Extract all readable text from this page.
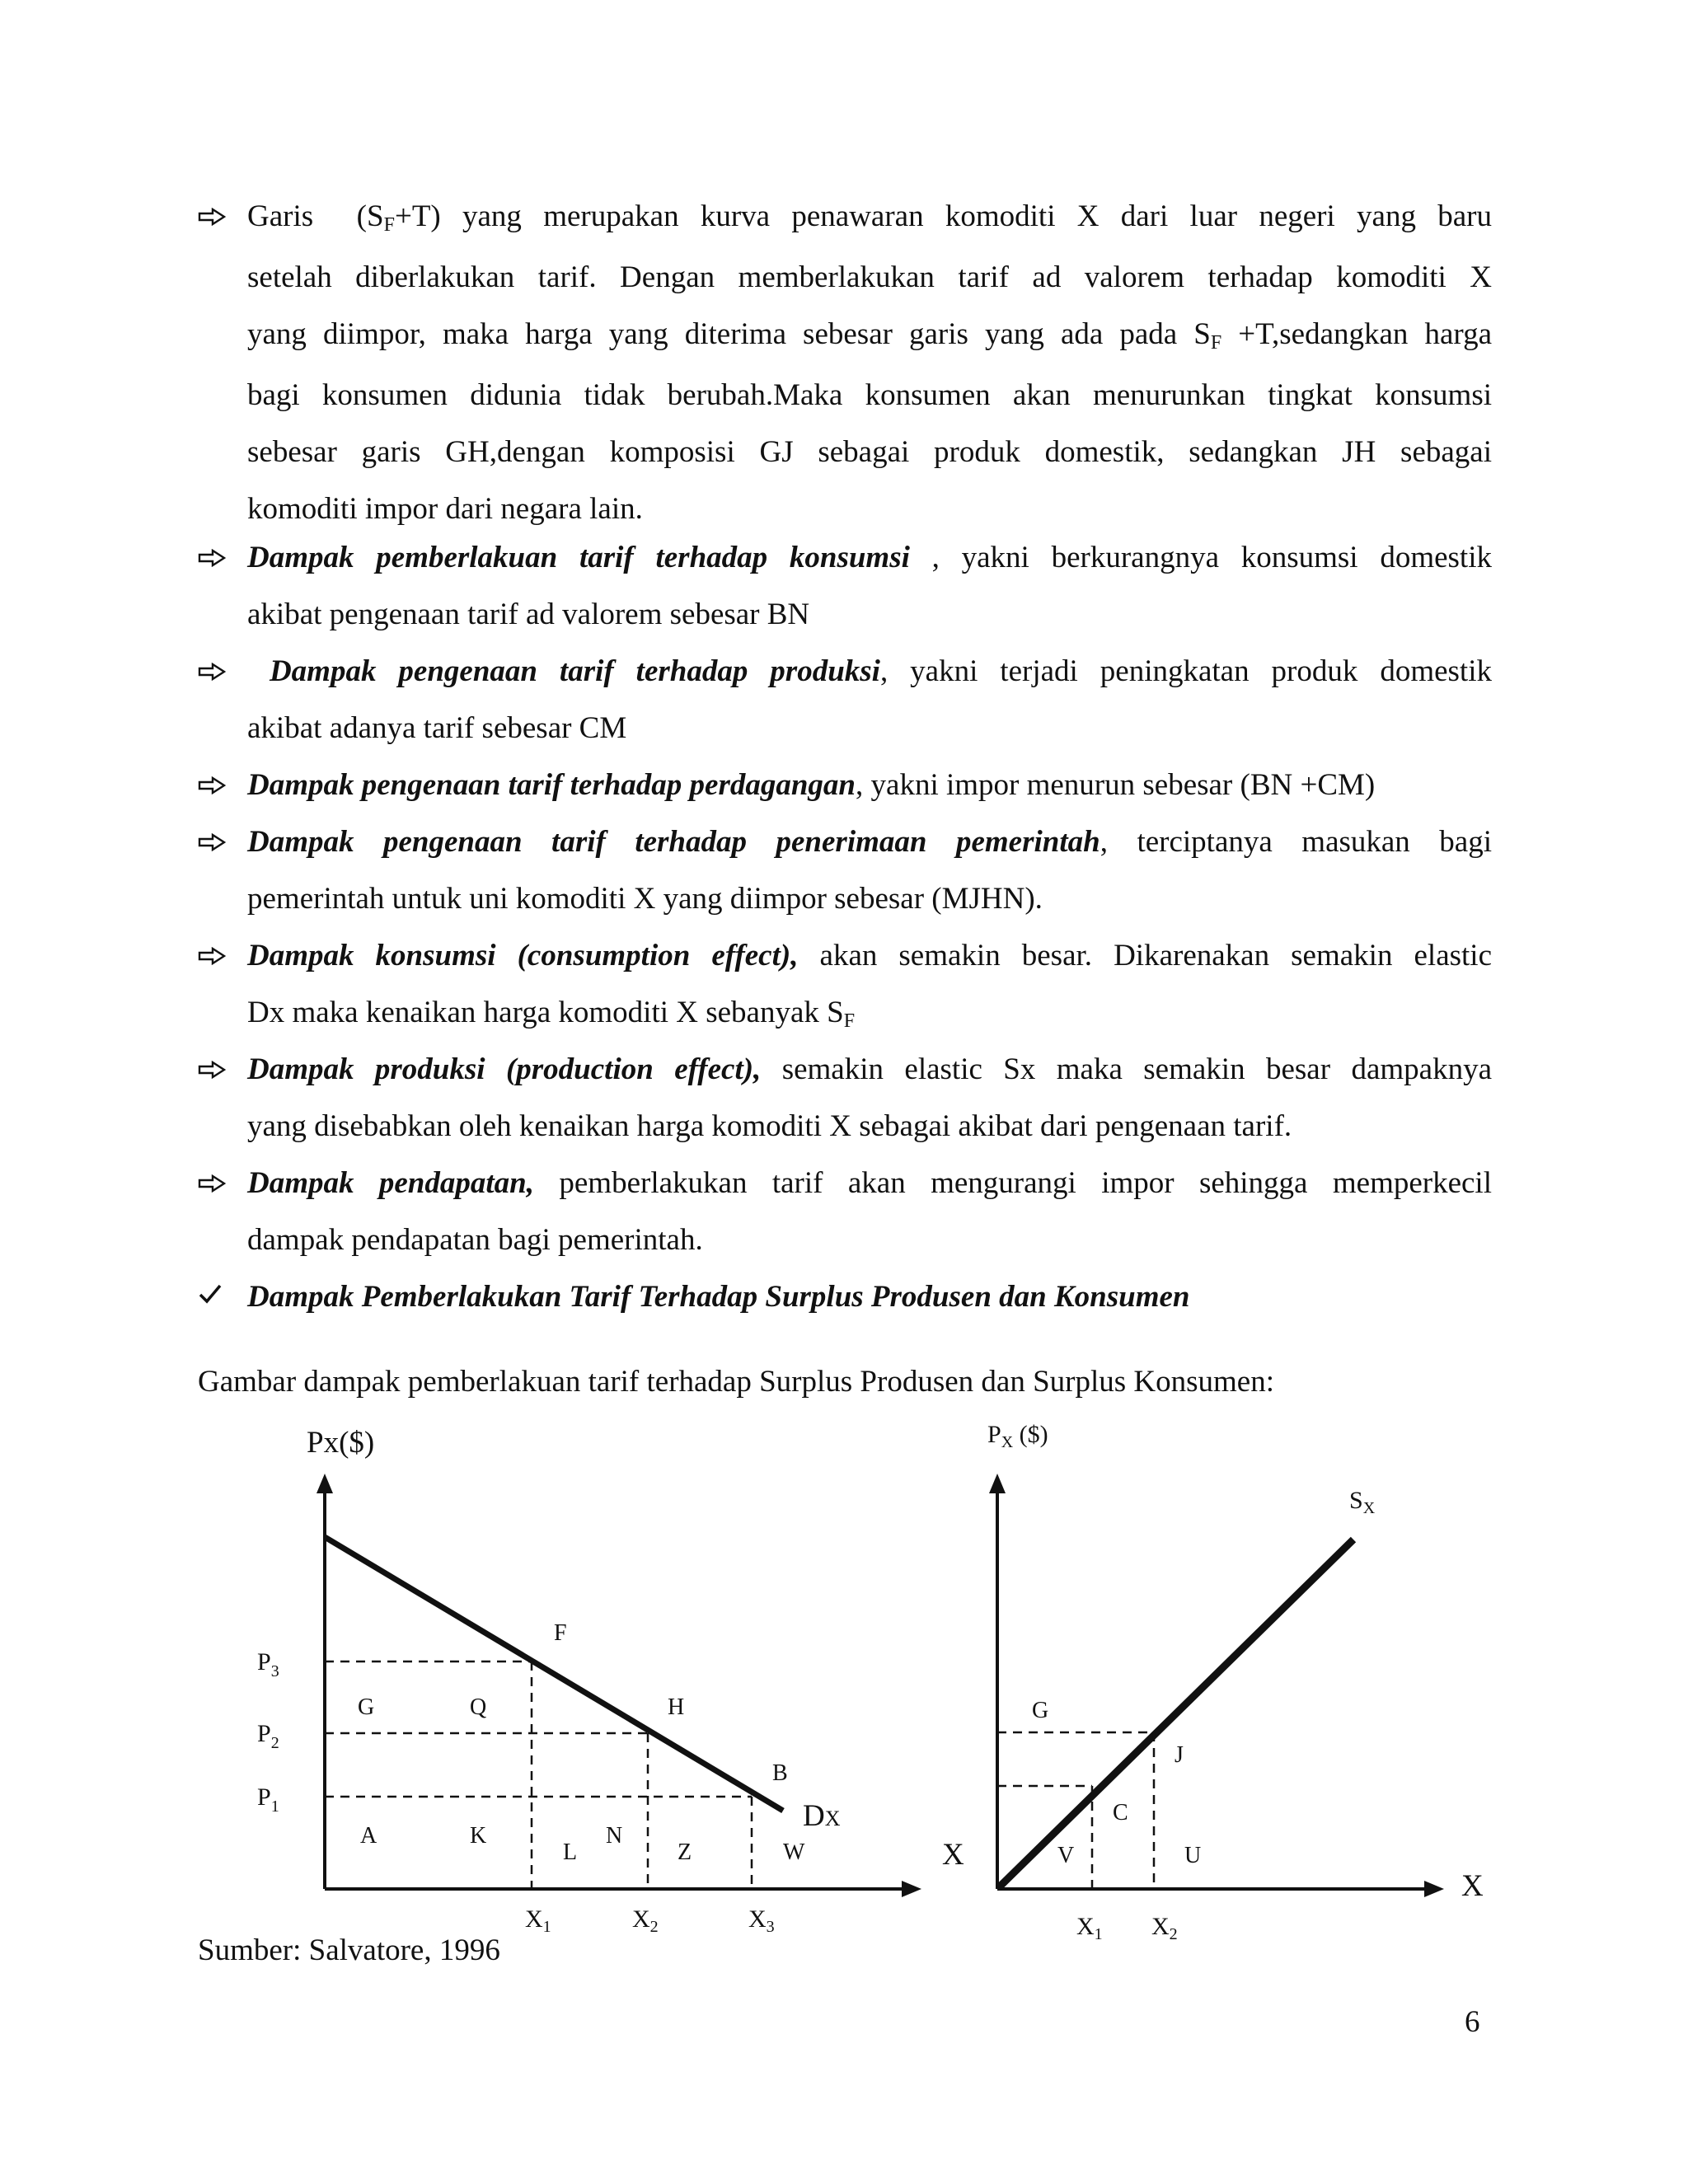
Garis  (SF+T) yang merupakan kurva penawaran komoditi X dari luar negeri yang baru
setelah diberlakukan tarif. Dengan memberlakukan tarif ad valorem terhadap komoditi X
yang diimpor, maka harga yang diterima sebesar garis yang ada pada SF +T,sedangkan harga
bagi konsumen didunia tidak berubah.Maka konsumen akan menurunkan tingkat konsumsi
sebesar garis GH,dengan komposisi GJ sebagai produk domestik, sedangkan JH sebagai
komoditi impor dari negara lain.
Dampak pemberlakuan tarif terhadap konsumsi , yakni berkurangnya konsumsi domestik
akibat pengenaan tarif ad valorem sebesar BN
Dampak pengenaan tarif terhadap produksi, yakni terjadi peningkatan produk domestik
akibat adanya tarif sebesar CM
Dampak pengenaan tarif terhadap perdagangan, yakni impor menurun sebesar (BN +CM)
Dampak pengenaan tarif terhadap penerimaan pemerintah, terciptanya masukan bagi
pemerintah untuk uni komoditi X yang diimpor sebesar (MJHN).
Dampak konsumsi (consumption effect), akan semakin besar. Dikarenakan semakin elastic
Dx maka kenaikan harga komoditi X sebanyak SF
Dampak produksi (production effect), semakin elastic Sx maka semakin besar dampaknya
yang disebabkan oleh kenaikan harga komoditi X sebagai akibat dari pengenaan tarif.
Dampak pendapatan, pemberlakukan tarif akan mengurangi impor sehingga memperkecil
dampak pendapatan bagi pemerintah.
Dampak Pemberlakukan Tarif Terhadap Surplus Produsen dan Konsumen
Gambar dampak pemberlakuan tarif terhadap Surplus Produsen dan Surplus Konsumen:
Px($)
$P_3$
$P_2$
$P_1$
F
G	Q	H
B
A	K
L
N
Z	W
DX
X
$X_1$	$X_2$	$X_3$
$P_X$ ($)
$S_X$
G
J
C
V	U
X
$X_1$ $X_2$
Sumber: Salvatore, 1996
6
